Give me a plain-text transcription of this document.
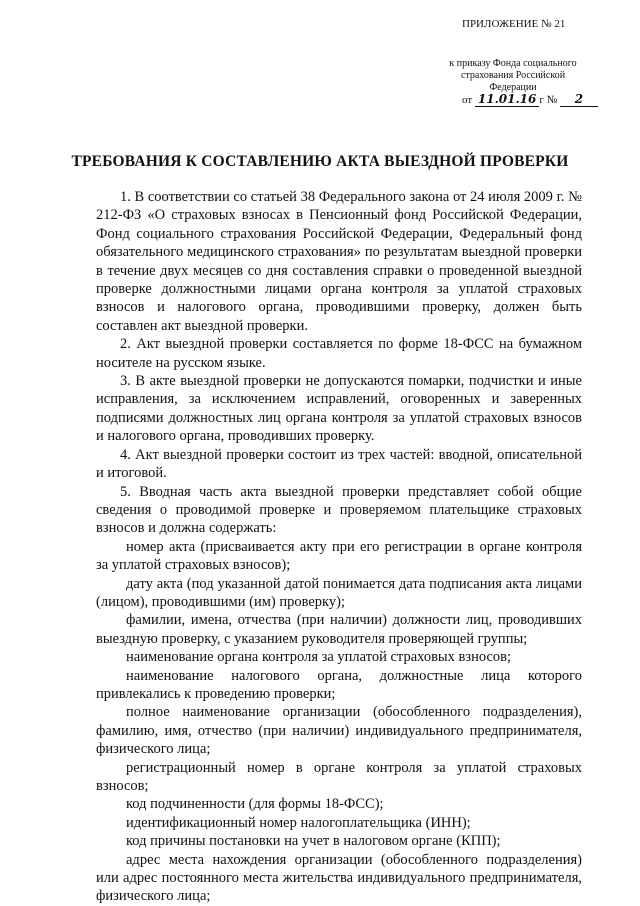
ПРИЛОЖЕНИЕ № 21
к приказу Фонда социального
страхования Российской
Федерации
от 11.01.16 г № 2
ТРЕБОВАНИЯ К СОСТАВЛЕНИЮ АКТА ВЫЕЗДНОЙ ПРОВЕРКИ

1. В соответствии со статьей 38 Федерального закона от 24 июля 2009 г. № 212-ФЗ «О страховых взносах в Пенсионный фонд Российской Федерации, Фонд социального страхования Российской Федерации, Федеральный фонд обязательного медицинского страхования» по результатам выездной проверки в течение двух месяцев со дня составления справки о проведенной выездной проверке должностными лицами органа контроля за уплатой страховых взносов и налогового органа, проводившими проверку, должен быть составлен акт выездной проверки.

2. Акт выездной проверки составляется по форме 18-ФСС на бумажном носителе на русском языке.

3. В акте выездной проверки не допускаются помарки, подчистки и иные исправления, за исключением исправлений, оговоренных и заверенных подписями должностных лиц органа контроля за уплатой страховых взносов и налогового органа, проводивших проверку.

4. Акт выездной проверки состоит из трех частей: вводной, описательной и итоговой.

5. Вводная часть акта выездной проверки представляет собой общие сведения о проводимой проверке и проверяемом плательщике страховых взносов и должна содержать:

номер акта (присваивается акту при его регистрации в органе контроля за уплатой страховых взносов);

дату акта (под указанной датой понимается дата подписания акта лицами (лицом), проводившими (им) проверку);

фамилии, имена, отчества (при наличии) должности лиц, проводивших выездную проверку, с указанием руководителя проверяющей группы;

наименование органа контроля за уплатой страховых взносов;

наименование налогового органа, должностные лица которого привлекались к проведению проверки;

полное наименование организации (обособленного подразделения), фамилию, имя, отчество (при наличии) индивидуального предпринимателя, физического лица;

регистрационный номер в органе контроля за уплатой страховых взносов;

код подчиненности (для формы 18-ФСС);

идентификационный номер налогоплательщика (ИНН);

код причины постановки на учет в налоговом органе (КПП);

адрес места нахождения организации (обособленного подразделения) или адрес постоянного места жительства индивидуального предпринимателя, физического лица;
